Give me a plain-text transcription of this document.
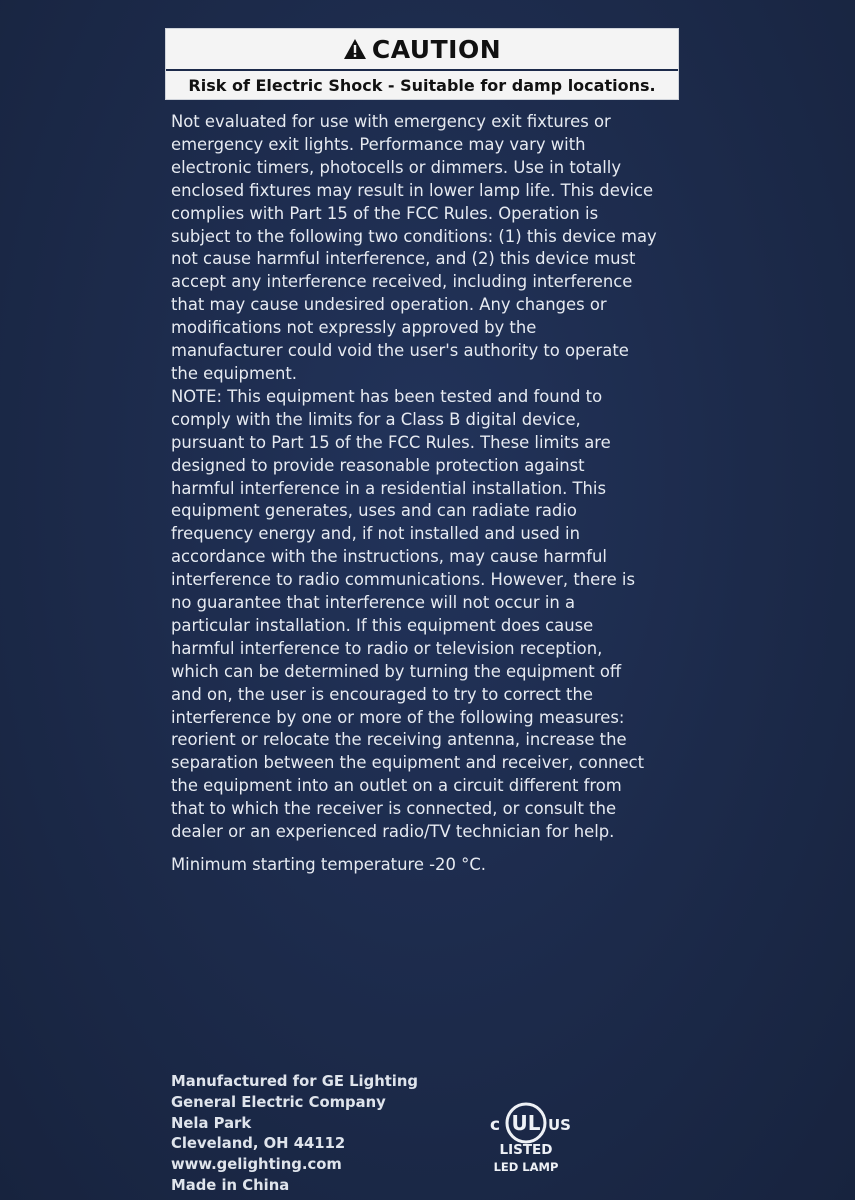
CAUTION
Risk of Electric Shock - Suitable for damp locations.

Not evaluated for use with emergency exit fixtures or
emergency exit lights. Performance may vary with
electronic timers, photocells or dimmers. Use in totally
enclosed fixtures may result in lower lamp life. This device
complies with Part 15 of the FCC Rules. Operation is
subject to the following two conditions: (1) this device may
not cause harmful interference, and (2) this device must
accept any interference received, including interference
that may cause undesired operation. Any changes or
modifications not expressly approved by the
manufacturer could void the user's authority to operate
the equipment.

NOTE: This equipment has been tested and found to
comply with the limits for a Class B digital device,
pursuant to Part 15 of the FCC Rules. These limits are
designed to provide reasonable protection against
harmful interference in a residential installation. This
equipment generates, uses and can radiate radio
frequency energy and, if not installed and used in
accordance with the instructions, may cause harmful
interference to radio communications. However, there is
no guarantee that interference will not occur in a
particular installation. If this equipment does cause
harmful interference to radio or television reception,
which can be determined by turning the equipment off
and on, the user is encouraged to try to correct the
interference by one or more of the following measures:
reorient or relocate the receiving antenna, increase the
separation between the equipment and receiver, connect
the equipment into an outlet on a circuit different from
that to which the receiver is connected, or consult the
dealer or an experienced radio/TV technician for help.

Minimum starting temperature -20 °C.

Manufactured for GE Lighting
General Electric Company
Nela Park
Cleveland, OH 44112
www.gelighting.com
Made in China
c UL US
LISTED
LED LAMP
